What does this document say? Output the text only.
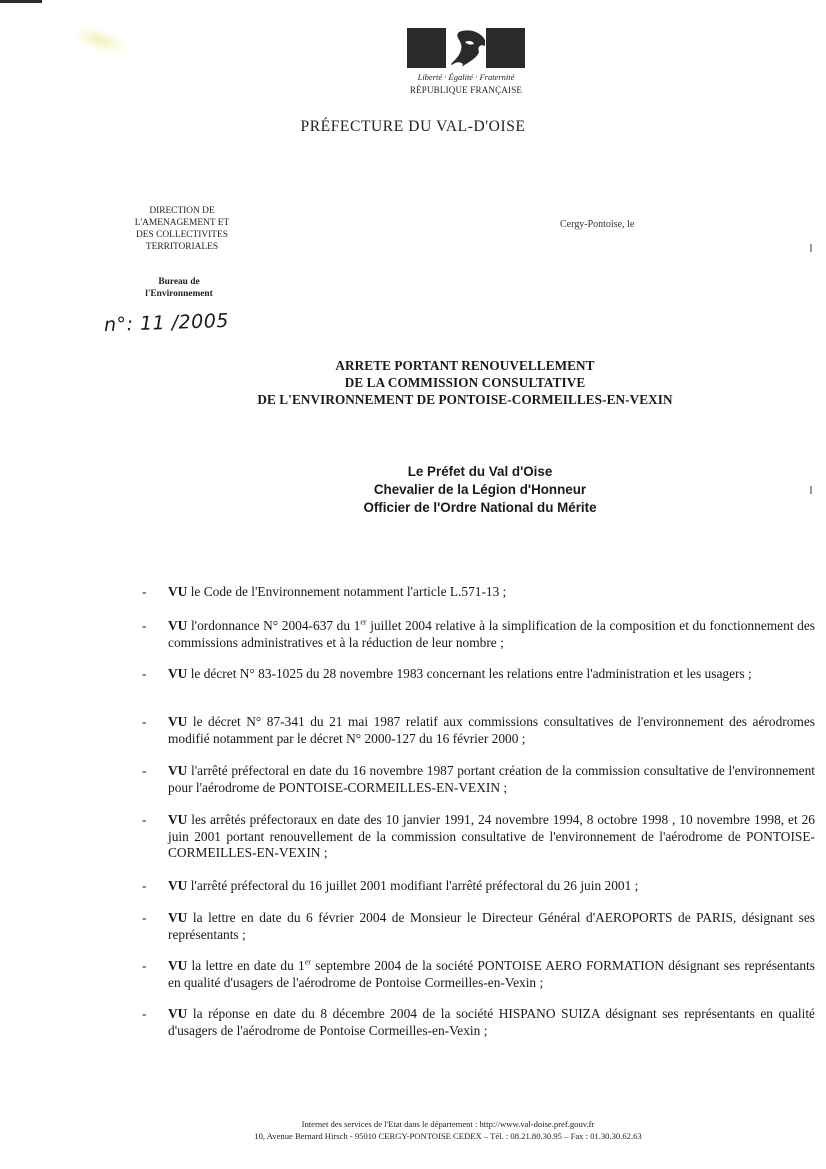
Liberté · Égalité · Fraternité
RÉPUBLIQUE FRANÇAISE
PRÉFECTURE DU VAL-D'OISE
DIRECTION DE
L'AMENAGEMENT ET
DES COLLECTIVITES
TERRITORIALES
Bureau de
l'Environnement
Cergy-Pontoise, le
n°: 11 /2005
ARRETE PORTANT RENOUVELLEMENT
DE LA COMMISSION CONSULTATIVE
DE L'ENVIRONNEMENT DE PONTOISE-CORMEILLES-EN-VEXIN
Le Préfet du Val d'Oise
Chevalier de la Légion d'Honneur
Officier de l'Ordre National du Mérite
- VU le Code de l'Environnement notamment l'article L.571-13 ;
- VU l'ordonnance N° 2004-637 du 1er juillet 2004 relative à la simplification de la composition et du fonctionnement des commissions administratives et à la réduction de leur nombre ;
- VU le décret N° 83-1025 du 28 novembre 1983 concernant les relations entre l'administration et les usagers ;
- VU le décret N° 87-341 du 21 mai 1987 relatif aux commissions consultatives de l'environnement des aérodromes modifié notamment par le décret N° 2000-127 du 16 février 2000 ;
- VU l'arrêté préfectoral en date du 16 novembre 1987 portant création de la commission consultative de l'environnement pour l'aérodrome de PONTOISE-CORMEILLES-EN-VEXIN ;
- VU les arrêtés préfectoraux en date des 10 janvier 1991, 24 novembre 1994, 8 octobre 1998 , 10 novembre 1998, et 26 juin 2001 portant renouvellement de la commission consultative de l'environnement de l'aérodrome de PONTOISE-CORMEILLES-EN-VEXIN ;
- VU l'arrêté préfectoral du 16 juillet 2001 modifiant l'arrêté préfectoral du 26 juin 2001 ;
- VU la lettre en date du 6 février 2004 de Monsieur le Directeur Général d'AEROPORTS de PARIS, désignant ses représentants ;
- VU la lettre en date du 1er septembre 2004 de la société PONTOISE AERO FORMATION désignant ses représentants en qualité d'usagers de l'aérodrome de Pontoise Cormeilles-en-Vexin ;
- VU la réponse en date du 8 décembre 2004 de la société HISPANO SUIZA désignant ses représentants en qualité d'usagers de l'aérodrome de Pontoise Cormeilles-en-Vexin ;
Internet des services de l'Etat dans le département : http://www.val-doise.pref.gouv.fr
10, Avenue Bernard Hirsch - 95010 CERGY-PONTOISE CEDEX – Tél. : 08.21.80.30.95 – Fax : 01.30.30.62.63
